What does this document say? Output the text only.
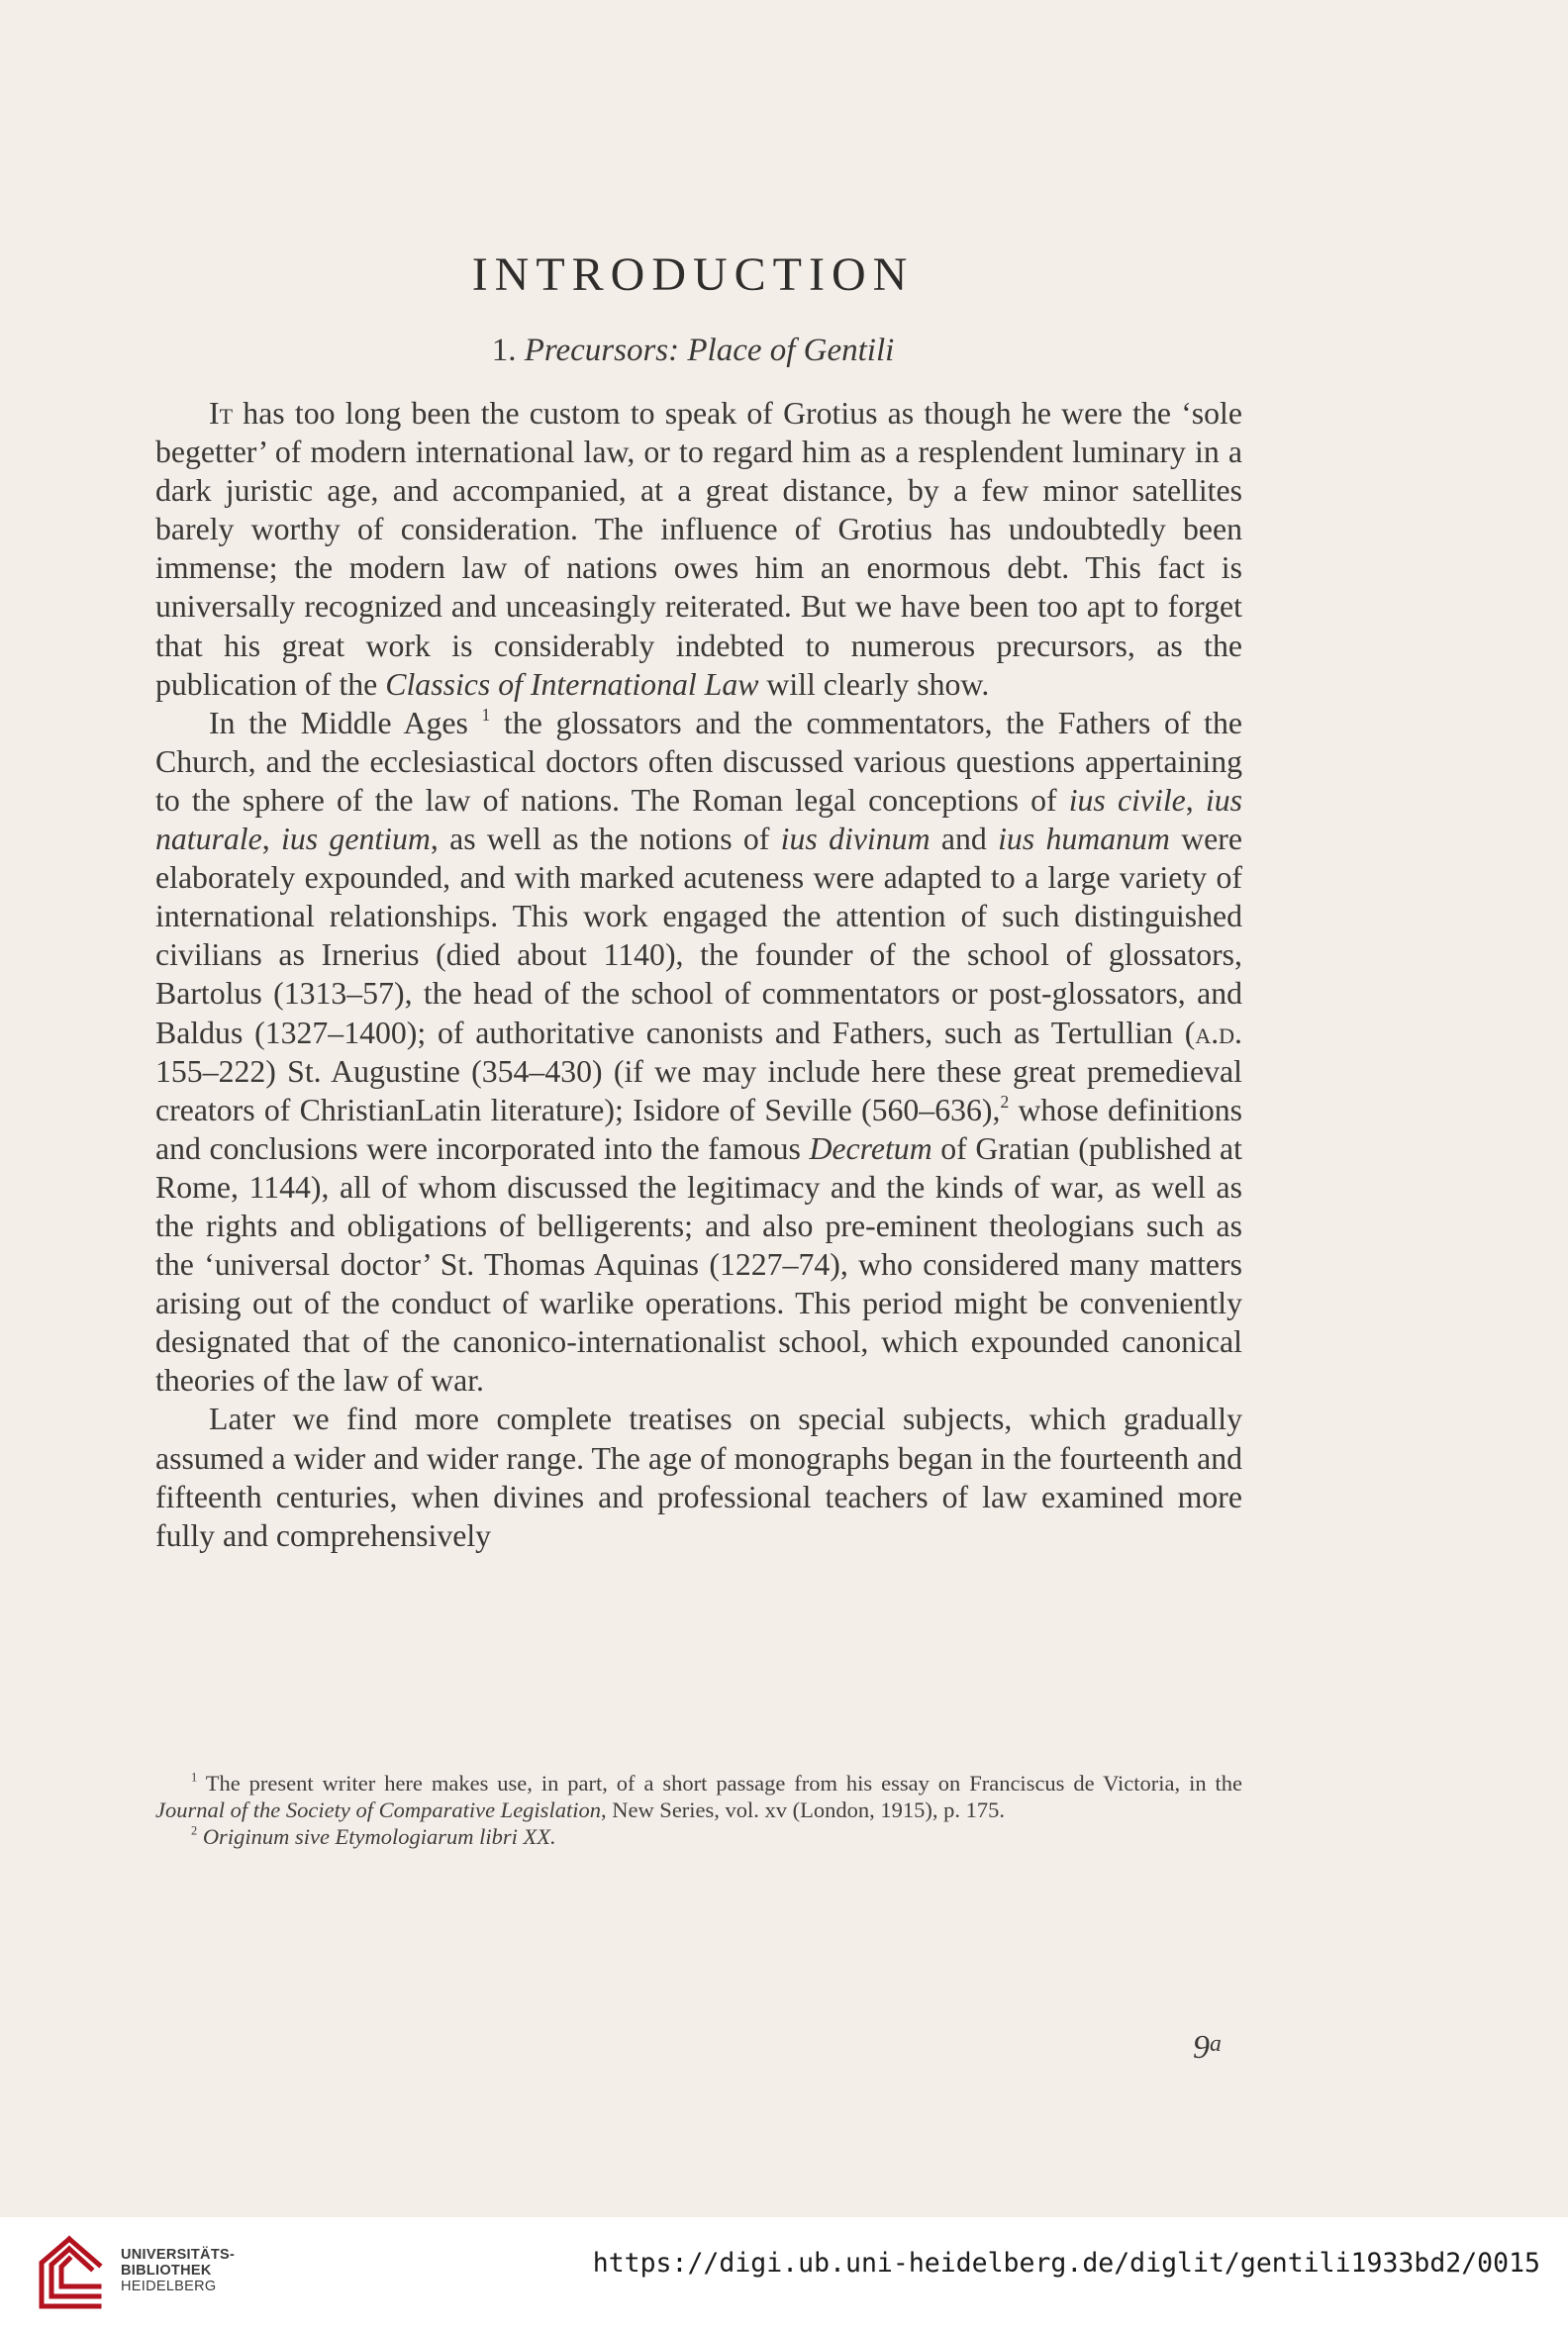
INTRODUCTION
1. Precursors: Place of Gentili

It has too long been the custom to speak of Grotius as though he were the ‘sole begetter’ of modern international law, or to regard him as a resplendent luminary in a dark juristic age, and accompanied, at a great distance, by a few minor satellites barely worthy of consideration. The influence of Grotius has undoubtedly been immense; the modern law of nations owes him an enormous debt. This fact is universally recognized and unceasingly reiterated. But we have been too apt to forget that his great work is considerably indebted to numerous precursors, as the publication of the Classics of International Law will clearly show.

In the Middle Ages $^1$ the glossators and the commentators, the Fathers of the Church, and the ecclesiastical doctors often discussed various questions appertaining to the sphere of the law of nations. The Roman legal conceptions of ius civile, ius naturale, ius gentium, as well as the notions of ius divinum and ius humanum were elaborately expounded, and with marked acuteness were adapted to a large variety of international relationships. This work engaged the attention of such distinguished civilians as Irnerius (died about 1140), the founder of the school of glossators, Bartolus (1313–57), the head of the school of commentators or post-glossators, and Baldus (1327–1400); of authoritative canonists and Fathers, such as Tertullian (a.d. 155–222) St. Augustine (354–430) (if we may include here these great premedieval creators of ChristianLatin literature); Isidore of Seville (560–636),$^2$ whose definitions and conclusions were incorporated into the famous Decretum of Gratian (published at Rome, 1144), all of whom discussed the legitimacy and the kinds of war, as well as the rights and obligations of belligerents; and also pre-eminent theologians such as the ‘universal doctor’ St. Thomas Aquinas (1227–74), who considered many matters arising out of the conduct of warlike operations. This period might be conveniently designated that of the canonico-internationalist school, which expounded canonical theories of the law of war.

Later we find more complete treatises on special subjects, which gradually assumed a wider and wider range. The age of monographs began in the fourteenth and fifteenth centuries, when divines and professional teachers of law examined more fully and comprehensively

$^1$ The present writer here makes use, in part, of a short passage from his essay on Franciscus de Victoria, in the Journal of the Society of Comparative Legislation, New Series, vol. xv (London, 1915), p. 175.

$^2$ Originum sive Etymologiarum libri XX.

9$^a$
UNIVERSITÄTS-
BIBLIOTHEK
HEIDELBERG
https://digi.ub.uni-heidelberg.de/diglit/gentili1933bd2/0015
